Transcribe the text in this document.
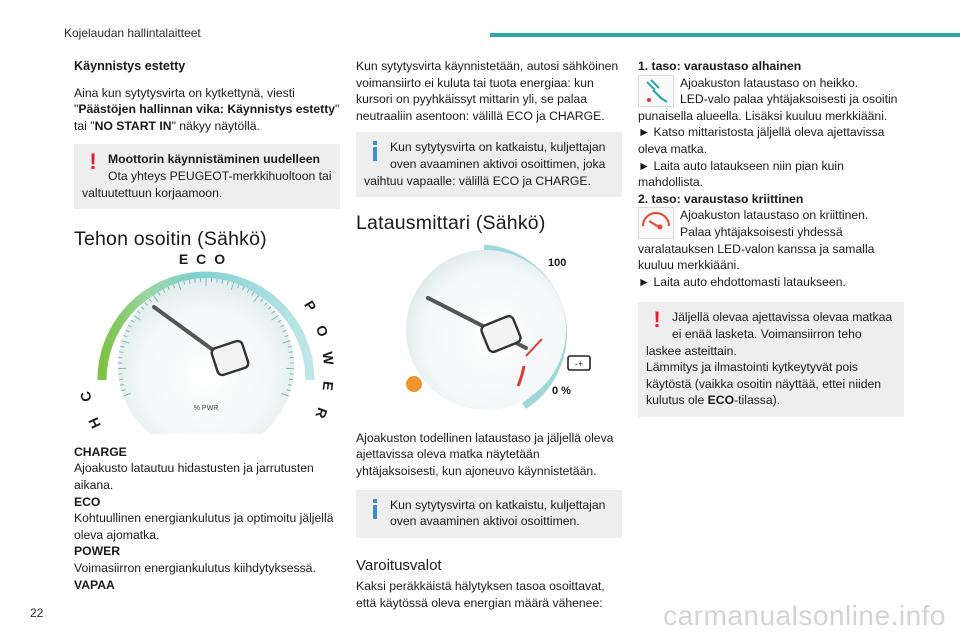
Kojelaudan hallintalaitteet
Käynnistys estetty

Aina kun sytytysvirta on kytkettynä, viesti
"Päästöjen hallinnan vika: Käynnistys estetty"
tai "NO START IN" näkyy näytöllä.

! Moottorin käynnistäminen uudelleen
Ota yhteys PEUGEOT-merkkihuoltoon tai valtuutettuun korjaamoon.
Tehon osoitin (Sähkö)
ECO
C
H
P
O
W
E
R
% PWR
CHARGE

Ajoakusto latautuu hidastusten ja jarrutusten aikana.

ECO

Kohtuullinen energiankulutus ja optimoitu jäljellä oleva ajomatka.

POWER

Voimasiirron energiankulutus kiihdytyksessä.

VAPAA

Kun sytytysvirta käynnistetään, autosi sähköinen voimansiirto ei kuluta tai tuota energiaa: kun kursori on pyyhkäissyt mittarin yli, se palaa neutraaliin asentoon: välillä ECO ja CHARGE.

Kun sytytysvirta on katkaistu, kuljettajan oven avaaminen aktivoi osoittimen, joka vaihtuu vapaalle: välillä ECO ja CHARGE.
Latausmittari (Sähkö)
100
0 %
-+

Ajoakuston todellinen lataustaso ja jäljellä oleva ajettavissa oleva matka näytetään yhtäjaksoisesti, kun ajoneuvo käynnistetään.

Kun sytytysvirta on katkaistu, kuljettajan oven avaaminen aktivoi osoittimen.
Varoitusvalot

Kaksi peräkkäistä hälytyksen tasoa osoittavat, että käytössä oleva energian määrä vähenee:

1. taso: varaustaso alhainen

Ajoakuston lataustaso on heikko.

LED-valo palaa yhtäjaksoisesti ja osoitin punaisella alueella. Lisäksi kuuluu merkkiääni.

► Katso mittaristosta jäljellä oleva ajettavissa oleva matka.

► Laita auto lataukseen niin pian kuin mahdollista.

2. taso: varaustaso kriittinen

Ajoakuston lataustaso on kriittinen.

Palaa yhtäjaksoisesti yhdessä varalatauksen LED-valon kanssa ja samalla kuuluu merkkiääni.

► Laita auto ehdottomasti lataukseen.

! Jäljellä olevaa ajettavissa olevaa matkaa ei enää lasketa. Voimansiirron teho laskee asteittain.

Lämmitys ja ilmastointi kytkeytyvät pois käytöstä (vaikka osoitin näyttää, ettei niiden kulutus ole ECO-tilassa).

22	carmanualsonline.info
